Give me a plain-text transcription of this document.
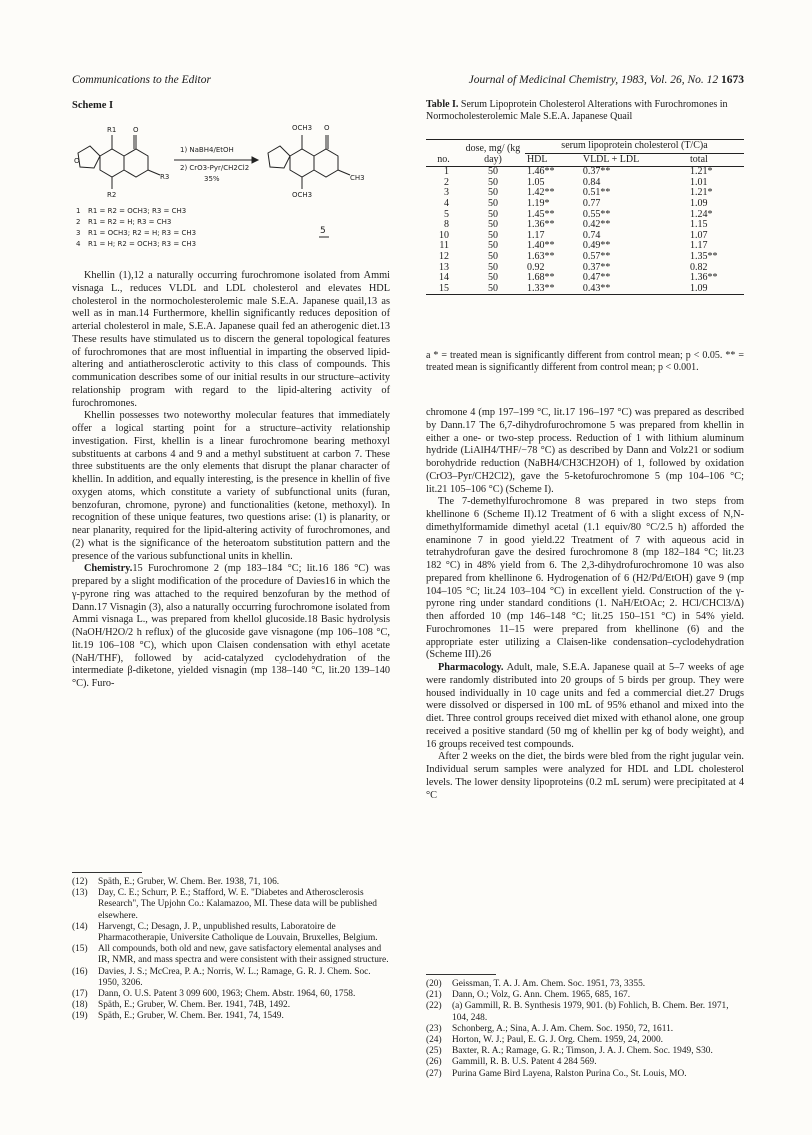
Communications to the Editor	Journal of Medicinal Chemistry, 1983, Vol. 26, No. 12 1673
Scheme I
R1
R2
R3
O
O
1) NaBH4/EtOH
2) CrO3-Pyr/CH2Cl2
35%
OCH3 O
CH3
OCH3
5
1 R1 = R2 = OCH3; R3 = CH3
2 R1 = R2 = H; R3 = CH3
3 R1 = OCH3; R2 = H; R3 = CH3
4 R1 = H; R2 = OCH3; R3 = CH3

Khellin (1),12 a naturally occurring furochromone isolated from Ammi visnaga L., reduces VLDL and LDL cholesterol and elevates HDL cholesterol in the normocholesterolemic male S.E.A. Japanese quail,13 as well as in man.14 Furthermore, khellin significantly reduces deposition of arterial cholesterol in male, S.E.A. Japanese quail fed an atherogenic diet.13 These results have stimulated us to discern the general topological features of furochromones that are most influential in imparting the observed lipid-altering and antiatherosclerotic activity to this class of compounds. This communication describes some of our initial results in our structure–activity relationship program with regard to the lipid-altering activity of furochromones.

Khellin possesses two noteworthy molecular features that immediately offer a logical starting point for a structure–activity relationship investigation. First, khellin is a linear furochromone bearing methoxyl substituents at carbons 4 and 9 and a methyl substituent at carbon 7. These three substituents are the only elements that disrupt the planar character of khellin. In addition, and equally interesting, is the presence in khellin of five oxygen atoms, which constitute a variety of subfunctional units (furan, benzofuran, chromone, pyrone) and functionalities (ketone, methoxyl). In recognition of these unique features, two questions arise: (1) is planarity, or near planarity, required for the lipid-altering activity of furochromones, and (2) what is the significance of the heteroatom substitution pattern and the presence of the various subfunctional units in khellin.

Chemistry.15 Furochromone 2 (mp 183–184 °C; lit.16 186 °C) was prepared by a slight modification of the procedure of Davies16 in which the γ-pyrone ring was attached to the required benzofuran by the method of Dann.17 Visnagin (3), also a naturally occurring furochromone isolated from Ammi visnaga L., was prepared from khellol glucoside.18 Basic hydrolysis (NaOH/H2O/2 h reflux) of the glucoside gave visnagone (mp 106–108 °C, lit.19 106–108 °C), which upon Claisen condensation with ethyl acetate (NaH/THF), followed by acid-catalyzed cyclodehydration of the intermediate β-diketone, yielded visnagin (mp 138–140 °C, lit.20 139–140 °C). Furo-

(12)	Späth, E.; Gruber, W. Chem. Ber. 1938, 71, 106.
(13)	Day, C. E.; Schurr, P. E.; Stafford, W. E. "Diabetes and Atherosclerosis Research", The Upjohn Co.: Kalamazoo, MI. These data will be published elsewhere.
(14)	Harvengt, C.; Desagn, J. P., unpublished results, Laboratoire de Pharmacotherapie, Universite Catholique de Louvain, Bruxelles, Belgium.
(15)	All compounds, both old and new, gave satisfactory elemental analyses and IR, NMR, and mass spectra and were consistent with their assigned structure.
(16)	Davies, J. S.; McCrea, P. A.; Norris, W. L.; Ramage, G. R. J. Chem. Soc. 1950, 3206.
(17)	Dann, O. U.S. Patent 3 099 600, 1963; Chem. Abstr. 1964, 60, 1758.
(18)	Späth, E.; Gruber, W. Chem. Ber. 1941, 74B, 1492.
(19)	Späth, E.; Gruber, W. Chem. Ber. 1941, 74, 1549.
Table I. Serum Lipoprotein Cholesterol Alterations with Furochromones in Normocholesterolemic Male S.E.A. Japanese Quail
no.	dose, mg/ (kg day)	serum lipoprotein cholesterol (T/C)a		
		HDL	VLDL + LDL	total
1	50	1.46**	0.37**	1.21*
2	50	1.05	0.84	1.01
3	50	1.42**	0.51**	1.21*
4	50	1.19*	0.77	1.09
5	50	1.45**	0.55**	1.24*
8	50	1.36**	0.42**	1.15
10	50	1.17	0.74	1.07
11	50	1.40**	0.49**	1.17
12	50	1.63**	0.57**	1.35**
13	50	0.92	0.37**	0.82
14	50	1.68**	0.47**	1.36**
15	50	1.33**	0.43**	1.09
a * = treated mean is significantly different from control mean; p < 0.05. ** = treated mean is significantly different from control mean; p < 0.001.

chromone 4 (mp 197–199 °C, lit.17 196–197 °C) was prepared as described by Dann.17 The 6,7-dihydrofurochromone 5 was prepared from khellin in either a one- or two-step process. Reduction of 1 with lithium aluminum hydride (LiAlH4/THF/−78 °C) as described by Dann and Volz21 or sodium borohydride reduction (NaBH4/CH3CH2OH) of 1, followed by oxidation (CrO3–Pyr/CH2Cl2), gave the 5-ketofurochromone 5 (mp 104–106 °C; lit.21 105–106 °C) (Scheme I).

The 7-demethylfurochromone 8 was prepared in two steps from khellinone 6 (Scheme II).12 Treatment of 6 with a slight excess of N,N-dimethylformamide dimethyl acetal (1.1 equiv/80 °C/2.5 h) afforded the enaminone 7 in good yield.22 Treatment of 7 with aqueous acid in tetrahydrofuran gave the desired furochromone 8 (mp 182–184 °C; lit.23 182 °C) in 48% yield from 6. The 2,3-dihydrofurochromone 10 was also prepared from khellinone 6. Hydrogenation of 6 (H2/Pd/EtOH) gave 9 (mp 104–105 °C; lit.24 103–104 °C) in excellent yield. Construction of the γ-pyrone ring under standard conditions (1. NaH/EtOAc; 2. HCl/CHCl3/Δ) then afforded 10 (mp 146–148 °C; lit.25 150–151 °C) in 54% yield. Furochromones 11–15 were prepared from khellinone (6) and the appropriate ester utilizing a Claisen-like condensation–cyclodehydration (Scheme III).26

Pharmacology. Adult, male, S.E.A. Japanese quail at 5–7 weeks of age were randomly distributed into 20 groups of 5 birds per group. They were housed individually in 10 cage units and fed a commercial diet.27 Drugs were dissolved or dispersed in 100 mL of 95% ethanol and mixed into the diet. Three control groups received diet mixed with ethanol alone, one group received a positive standard (50 mg of khellin per kg of body weight), and 16 groups received test compounds.

After 2 weeks on the diet, the birds were bled from the right jugular vein. Individual serum samples were analyzed for HDL and LDL cholesterol levels. The lower density lipoproteins (0.2 mL serum) were precipitated at 4 °C

(20)	Geissman, T. A. J. Am. Chem. Soc. 1951, 73, 3355.
(21)	Dann, O.; Volz, G. Ann. Chem. 1965, 685, 167.
(22)	(a) Gammill, R. B. Synthesis 1979, 901. (b) Fohlich, B. Chem. Ber. 1971, 104, 248.
(23)	Schonberg, A.; Sina, A. J. Am. Chem. Soc. 1950, 72, 1611.
(24)	Horton, W. J.; Paul, E. G. J. Org. Chem. 1959, 24, 2000.
(25)	Baxter, R. A.; Ramage, G. R.; Timson, J. A. J. Chem. Soc. 1949, S30.
(26)	Gammill, R. B. U.S. Patent 4 284 569.
(27)	Purina Game Bird Layena, Ralston Purina Co., St. Louis, MO.
